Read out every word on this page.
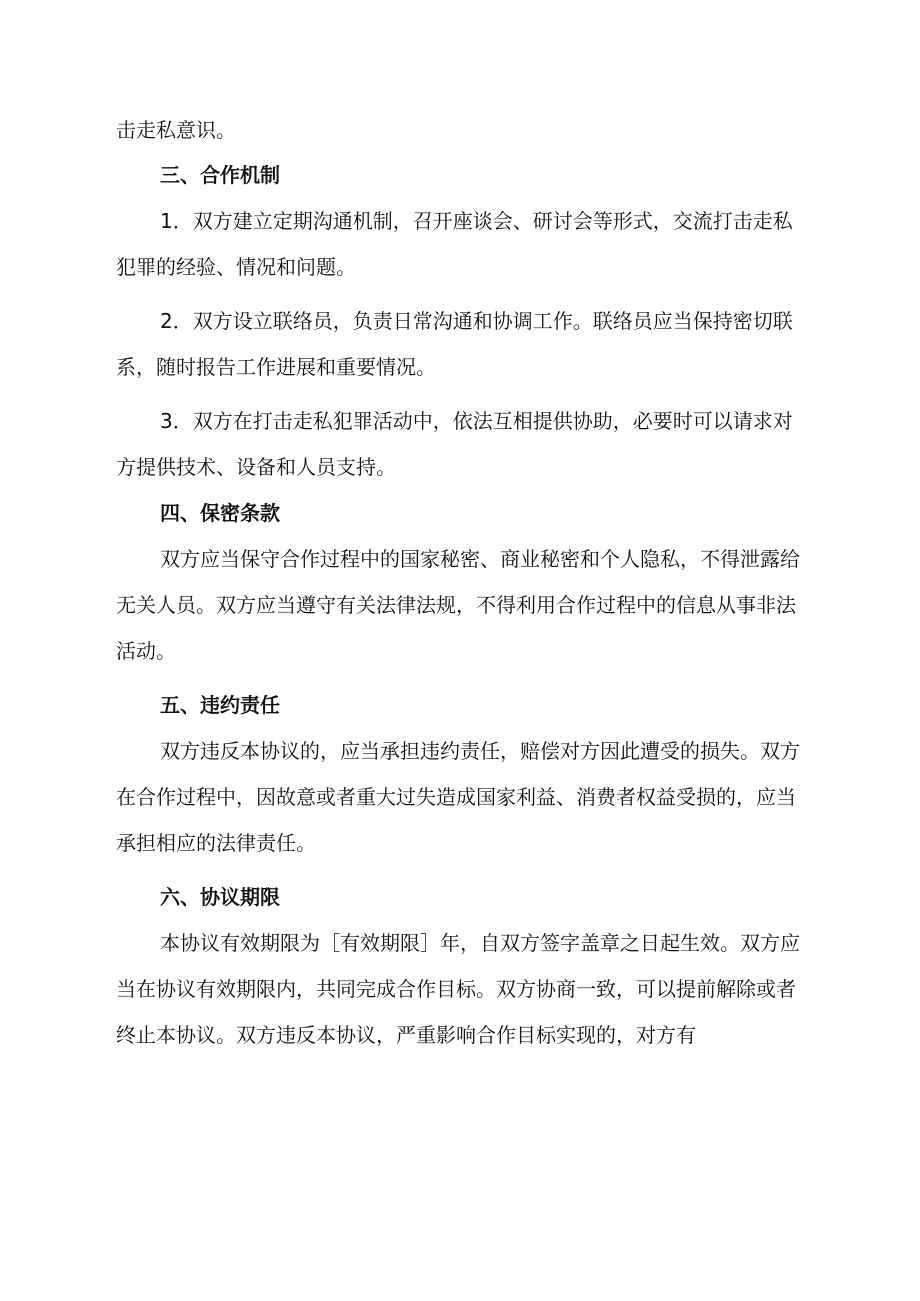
击走私意识。
三、合作机制
1．双方建立定期沟通机制，召开座谈会、研讨会等形式，交流打击走私
犯罪的经验、情况和问题。
2．双方设立联络员，负责日常沟通和协调工作。联络员应当保持密切联
系，随时报告工作进展和重要情况。
3．双方在打击走私犯罪活动中，依法互相提供协助，必要时可以请求对
方提供技术、设备和人员支持。
四、保密条款
双方应当保守合作过程中的国家秘密、商业秘密和个人隐私，不得泄露给
无关人员。双方应当遵守有关法律法规，不得利用合作过程中的信息从事非法
活动。
五、违约责任
双方违反本协议的，应当承担违约责任，赔偿对方因此遭受的损失。双方
在合作过程中，因故意或者重大过失造成国家利益、消费者权益受损的，应当
承担相应的法律责任。
六、协议期限
本协议有效期限为［有效期限］年，自双方签字盖章之日起生效。双方应
当在协议有效期限内，共同完成合作目标。双方协商一致，可以提前解除或者
终止本协议。双方违反本协议，严重影响合作目标实现的，对方有
